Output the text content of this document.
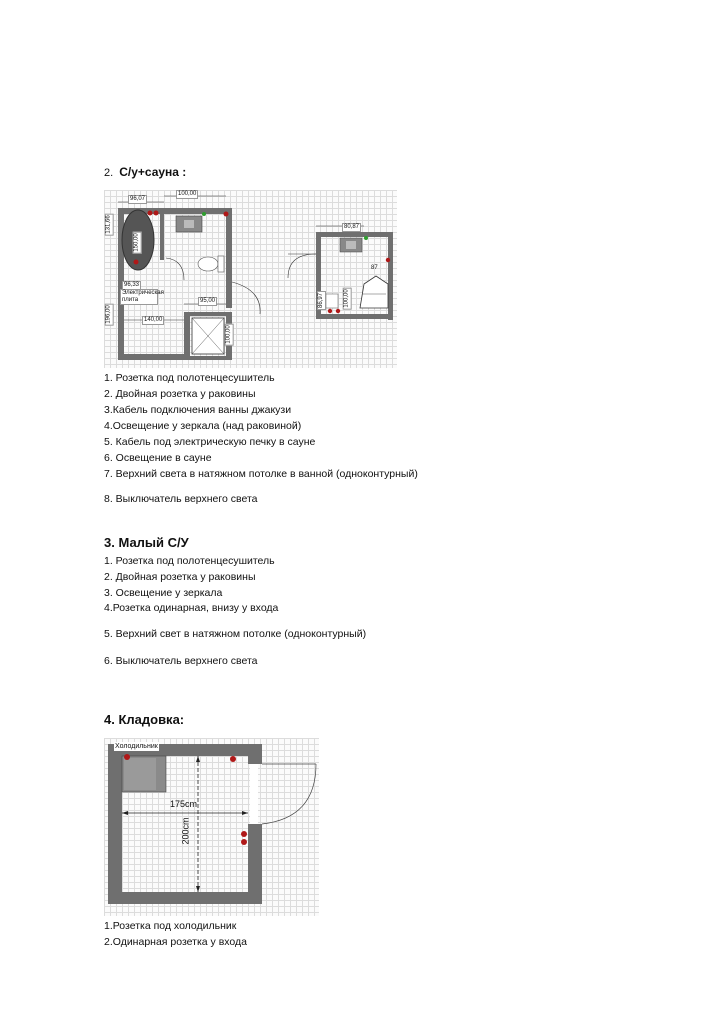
2. С/у+сауна :
100,00
96,07
150,00
96,33
Электрическая плита
140,00
95,00
196,00
131,66
100,00
80,87
86,97	100,00
87
1. Розетка под полотенцесушитель
2. Двойная розетка у раковины
3.Кабель подключения ванны джакузи
4.Освещение у зеркала (над раковиной)
5. Кабель под электрическую печку в сауне
6. Освещение в сауне
7. Верхний света в натяжном потолке в ванной (одноконтурный)
8. Выключатель верхнего света
3. Малый С/У
1. Розетка под полотенцесушитель
2. Двойная розетка у раковины
3. Освещение у зеркала
4.Розетка одинарная, внизу у входа
5. Верхний свет в натяжном потолке (одноконтурный)
6. Выключатель верхнего света
4. Кладовка:
Холодильник
175cm
200cm
1.Розетка под холодильник
2.Одинарная розетка у входа
